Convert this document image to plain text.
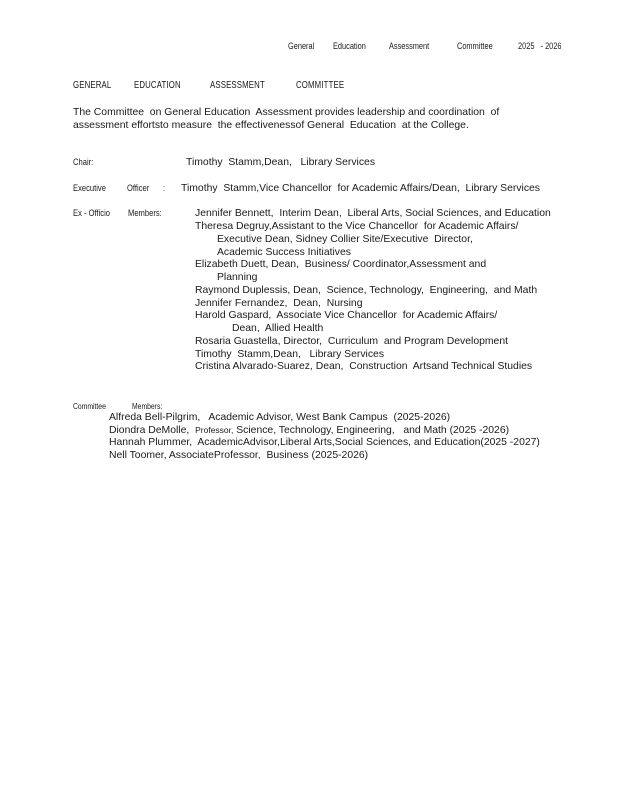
General Education	Assessment	Committee	2025   - 2026
GENERAL EDUCATION	ASSESSMENT	COMMITTEE
The Committee  on General Education  Assessment provides leadership and coordination  of
assessment effortsto measure  the effectivenessof General  Education  at the College.
Chair:	Timothy  Stamm,Dean,   Library Services
Executive Officer : Timothy  Stamm,Vice Chancellor  for Academic Affairs/Dean,  Library Services
Ex - Officio Members:	Jennifer Bennett,  Interim Dean,  Liberal Arts, Social Sciences, and Education
Theresa Degruy,Assistant to the Vice Chancellor  for Academic Affairs/
Executive Dean, Sidney Collier Site/Executive  Director,
Academic Success Initiatives
Elizabeth Duett, Dean,  Business/ Coordinator,Assessment and
Planning
Raymond Duplessis, Dean,  Science, Technology,  Engineering,  and Math
Jennifer Fernandez,  Dean,  Nursing
Harold Gaspard,  Associate Vice Chancellor  for Academic Affairs/
Dean,  Allied Health
Rosaria Guastella, Director,  Curriculum  and Program Development
Timothy  Stamm,Dean,   Library Services
Cristina Alvarado-Suarez, Dean,  Construction  Artsand Technical Studies
Committee	Members:
Alfreda Bell-Pilgrim,   Academic Advisor, West Bank Campus  (2025-2026)
Diondra DeMolle, Professor, Science, Technology, Engineering,   and Math (2025 -2026)
Hannah Plummer,  AcademicAdvisor,Liberal Arts,Social Sciences, and Education(2025 -2027)
Nell Toomer, AssociateProfessor,  Business (2025-2026)
